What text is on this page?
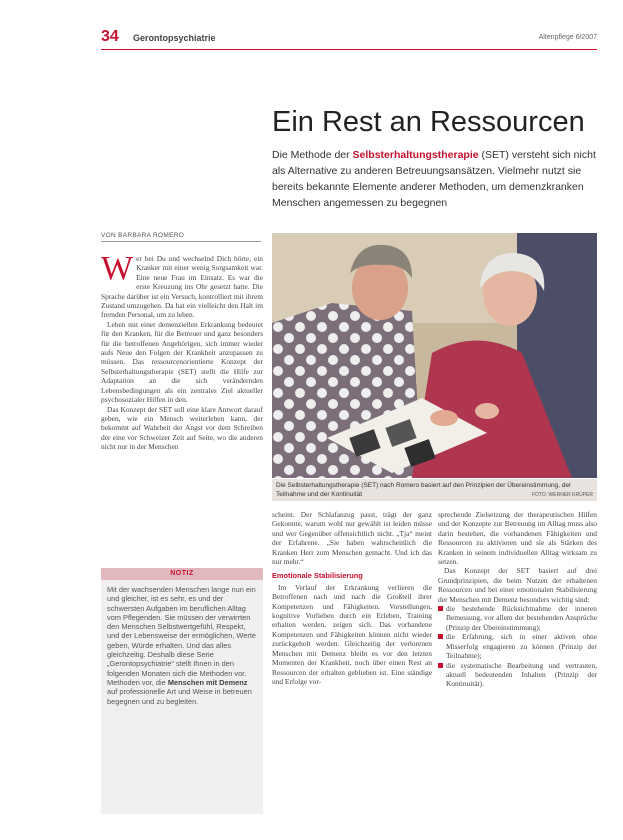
34 Gerontopsychiatrie	Altenpflege 6/2007
Ein Rest an Ressourcen

Die Methode der Selbsterhaltungstherapie (SET) versteht sich nicht als Alternative zu anderen Betreuungsansätzen. Vielmehr nutzt sie bereits bekannte Elemente anderer Methoden, um demenzkranken Menschen angemessen zu begegnen

VON BARBARA ROMERO

Wer bei Du und wechselnd Dich hörte, ein Kranker mit einer wenig Sorgsamkeit war. Eine neue Frau im Einsatz. Es war die erste Kreuzung ins Ohr gesetzt hatte. Die Sprache darüber ist ein Versuch, kontrolliert mit ihrem Zustand umzugehen. Da hat ein vielleicht den Halt im fremden Personal, um zu leben.

Leben mit einer demenziellen Erkrankung bedeutet für den Kranken, für die Betreuer und ganz besonders für die betroffenen Angehörigen, sich immer wieder aufs Neue den Folgen der Krankheit anzupassen zu müssen. Das ressourcenorientierte Konzept der Selbsterhaltungstherapie (SET) stellt die Hilfe zur Adaptation an die sich verändernden Lebensbedingungen als ein zentrales Ziel aktueller psychosozialer Hilfen in den.

Das Konzept der SET soll eine klare Antwort darauf geben, wie ein Mensch weiterleben kann, der bekommt auf Wahrheit der Angst vor dem Schreiben der eine vor Schweizer Zeit auf Seite, wo die anderen nicht nur in der Menschen

Die Selbsterhaltungstherapie (SET) nach Romero basiert auf den Prinzipien der Übereinstimmung, der Teilnahme und der Kontinuität	FOTO: WERNER KRÜPER

scheint. Der Schlafanzug passt, trägt der ganz Gekonnte, warum wohl nur gewählt ist leiden müsse und wer Gegenüber offensichtlich nicht. „Tja“ meint der Erfahrene. „Sie haben wahrscheinlich die Kranken Herr zum Menschen gemacht. Und ich das nur mehr.“

Emotionale Stabilisierung

Im Verlauf der Erkrankung verlieren die Betroffenen nach und nach die Großteil ihrer Kompetenzen und Fähigkeiten. Vorstellungen, kognitive Vorlieben durch ein Erleben, Training erhalten werden, zeigen sich. Das vorhandene Kompetenzen und Fähigkeiten können nicht wieder zurückgeholt werden. Gleichzeitig der verlorenen Menschen mit Demenz bleibt es vor den letzten Momenten der Krankheit, noch über einen Rest an Ressourcen der erhalten geblieben ist. Eine ständige und Erfolge vor-

sprechende Zielsetzung der therapeutischen Hilfen und der Konzepte zur Betreuung im Alltag muss also darin bestehen, die vorhandenen Fähigkeiten und Ressourcen zu aktivieren und sie als Stärken des Kranken in seinem individuellen Alltag wirksam zu setzen.

Das Konzept der SET basiert auf drei Grundprinzipien, die beim Nutzen der erhaltenen Ressourcen und bei einer emotionalen Stabilisierung der Menschen mit Demenz besonders wichtig sind:

die bestehende Rücksichtnahme der inneren Bemessung, vor allem der bestehenden Ansprüche (Prinzip der Übereinstimmung);
die Erfahrung, sich in einer aktiven ohne Misserfolg engagieren zu können (Prinzip der Teilnahme);
die systematische Bearbeitung und vertrauten, aktuell bedeutenden Inhalten (Prinzip der Kontinuität).
NOTIZ

Mit der wachsenden Menschen lange nun ein und gleicher, ist es sehr, es und der schwersten Aufgaben im beruflichen Alltag vom Pflegenden. Sie müssen der verwirrten den Menschen Selbstwertgefühl, Respekt, und der Lebensweise der ermöglichen, Werte geben, Würde erhalten. Und das alles gleichzeitig. Deshalb diese Serie „Gerontopsychiatrie“ stellt Ihnen in den folgenden Monaten sich die Methoden vor. Methoden vor, die Menschen mit Demenz auf professionelle Art und Weise in betreuen begegnen und zu begleiten.
